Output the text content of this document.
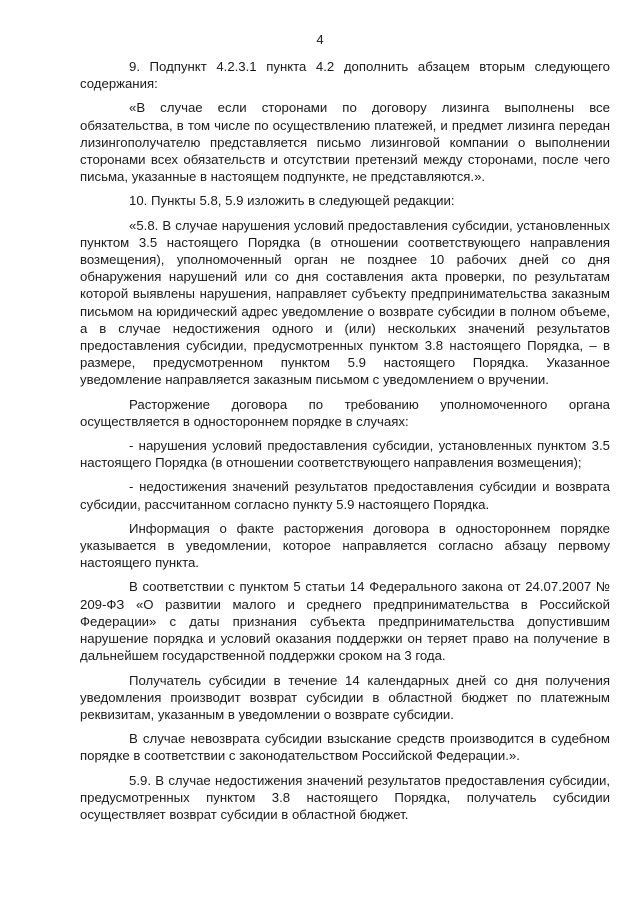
4

9. Подпункт 4.2.3.1 пункта 4.2 дополнить абзацем вторым следующего содержания:

«В случае если сторонами по договору лизинга выполнены все обязательства, в том числе по осуществлению платежей, и предмет лизинга передан лизингополучателю представляется письмо лизинговой компании о выполнении сторонами всех обязательств и отсутствии претензий между сторонами, после чего письма, указанные в настоящем подпункте, не представляются.».

10. Пункты 5.8, 5.9 изложить в следующей редакции:

«5.8. В случае нарушения условий предоставления субсидии, установленных пунктом 3.5 настоящего Порядка (в отношении соответствующего направления возмещения), уполномоченный орган не позднее 10 рабочих дней со дня обнаружения нарушений или со дня составления акта проверки, по результатам которой выявлены нарушения, направляет субъекту предпринимательства заказным письмом на юридический адрес уведомление о возврате субсидии в полном объеме, а в случае недостижения одного и (или) нескольких значений результатов предоставления субсидии, предусмотренных пунктом 3.8 настоящего Порядка, – в размере, предусмотренном пунктом 5.9 настоящего Порядка. Указанное уведомление направляется заказным письмом с уведомлением о вручении.

Расторжение договора по требованию уполномоченного органа осуществляется в одностороннем порядке в случаях:

- нарушения условий предоставления субсидии, установленных пунктом 3.5 настоящего Порядка (в отношении соответствующего направления возмещения);

- недостижения значений результатов предоставления субсидии и возврата субсидии, рассчитанном согласно пункту 5.9 настоящего Порядка.

Информация о факте расторжения договора в одностороннем порядке указывается в уведомлении, которое направляется согласно абзацу первому настоящего пункта.

В соответствии с пунктом 5 статьи 14 Федерального закона от 24.07.2007 № 209-ФЗ «О развитии малого и среднего предпринимательства в Российской Федерации» с даты признания субъекта предпринимательства допустившим нарушение порядка и условий оказания поддержки он теряет право на получение в дальнейшем государственной поддержки сроком на 3 года.

Получатель субсидии в течение 14 календарных дней со дня получения уведомления производит возврат субсидии в областной бюджет по платежным реквизитам, указанным в уведомлении о возврате субсидии.

В случае невозврата субсидии взыскание средств производится в судебном порядке в соответствии с законодательством Российской Федерации.».

5.9. В случае недостижения значений результатов предоставления субсидии, предусмотренных пунктом 3.8 настоящего Порядка, получатель субсидии осуществляет возврат субсидии в областной бюджет.
